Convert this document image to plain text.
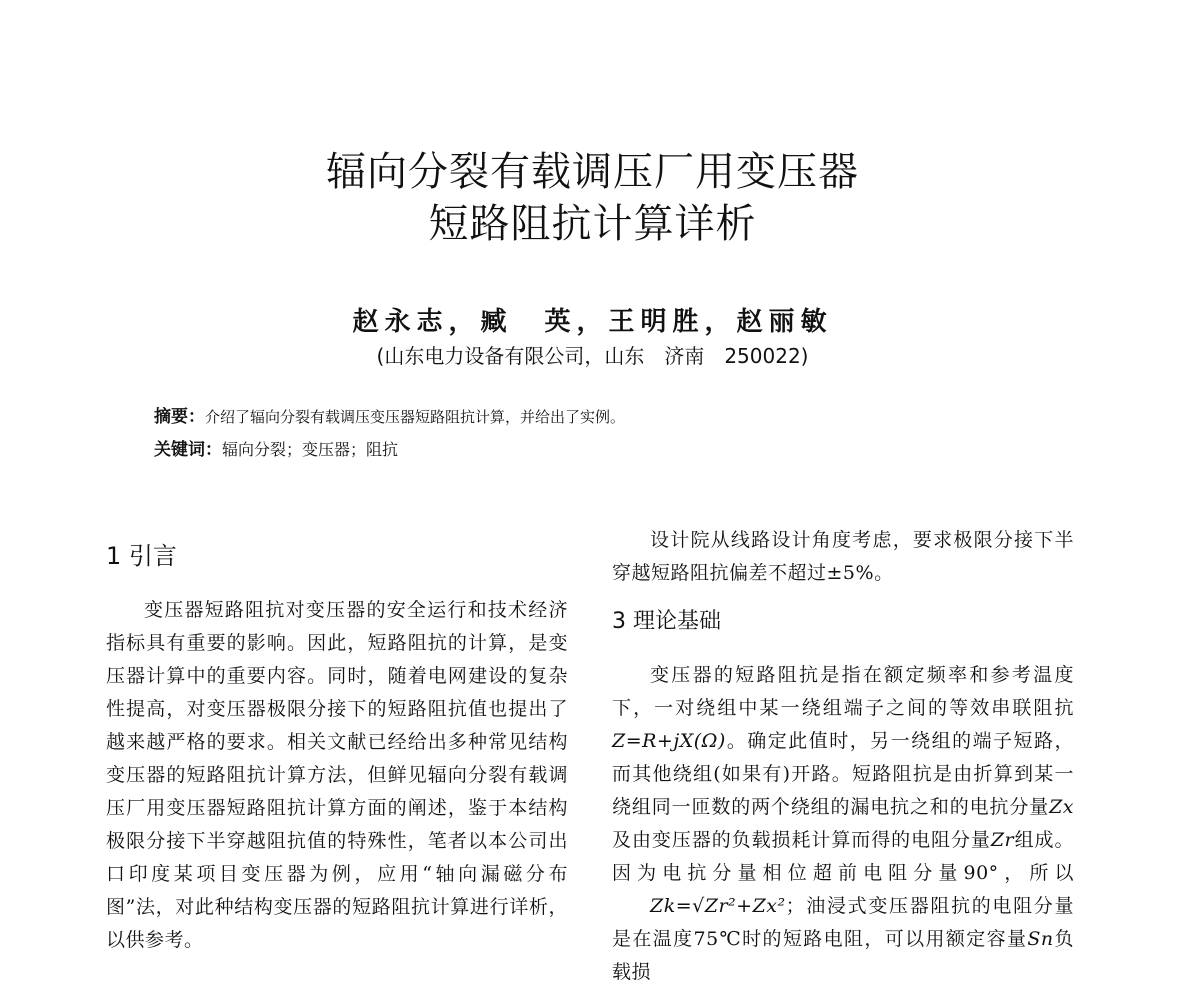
辐向分裂有载调压厂用变压器
短路阻抗计算详析
赵永志，臧　英，王明胜，赵丽敏
(山东电力设备有限公司，山东　济南　250022)
摘要：介绍了辐向分裂有载调压变压器短路阻抗计算，并给出了实例。
关键词：辐向分裂；变压器；阻抗
1 引言

变压器短路阻抗对变压器的安全运行和技术经济指标具有重要的影响。因此，短路阻抗的计算，是变压器计算中的重要内容。同时，随着电网建设的复杂性提高，对变压器极限分接下的短路阻抗值也提出了越来越严格的要求。相关文献已经给出多种常见结构变压器的短路阻抗计算方法，但鲜见辐向分裂有载调压厂用变压器短路阻抗计算方面的阐述，鉴于本结构极限分接下半穿越阻抗值的特殊性，笔者以本公司出口印度某项目变压器为例，应用“轴向漏磁分布图”法，对此种结构变压器的短路阻抗计算进行详析，以供参考。

设计院从线路设计角度考虑，要求极限分接下半穿越短路阻抗偏差不超过±5%。

3 理论基础

变压器的短路阻抗是指在额定频率和参考温度下，一对绕组中某一绕组端子之间的等效串联阻抗Z=R+jX(Ω)。确定此值时，另一绕组的端子短路，而其他绕组(如果有)开路。短路阻抗是由折算到某一绕组同一匝数的两个绕组的漏电抗之和的电抗分量Zx及由变压器的负载损耗计算而得的电阻分量Zr组成。因为电抗分量相位超前电阻分量90°，所以Zk=√Zr²+Zx²；油浸式变压器阻抗的电阻分量是在温度75℃时的短路电阻，可以用额定容量Sn负载损
